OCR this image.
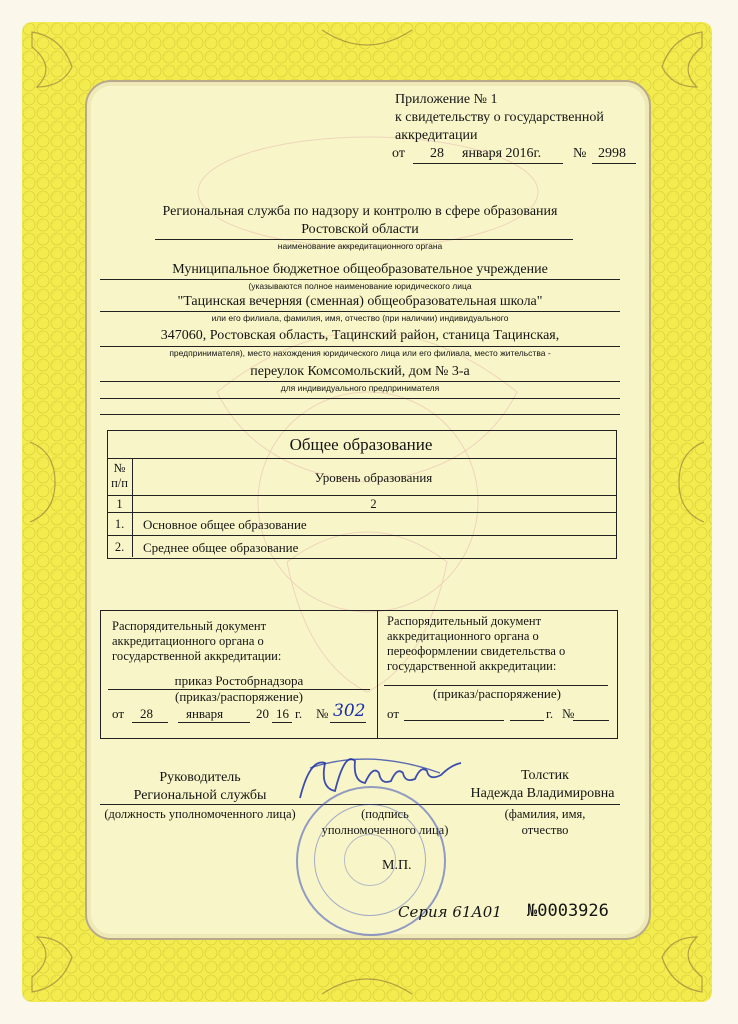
Приложение № 1
к свидетельству о государственной
аккредитации
от 28 января 2016г. № 2998
Региональная служба по надзору и контролю в сфере образования
Ростовской области
наименование аккредитационного органа
Муниципальное бюджетное общеобразовательное учреждение
(указываются полное наименование юридического лица
"Тацинская вечерняя (сменная) общеобразовательная школа"
или его филиала, фамилия, имя, отчество (при наличии) индивидуального
347060, Ростовская область, Тацинский район, станица Тацинская,
предпринимателя), место нахождения юридического лица или его филиала, место жительства -
переулок Комсомольский, дом № 3-а
для индивидуального предпринимателя
Общее образование
№
п/п	Уровень образования
1	2
1.	Основное общее образование
2.	Среднее общее образование
Распорядительный документ
аккредитационного органа о
государственной аккредитации:
приказ Ростобрнадзора
(приказ/распоряжение)
от 28	января	20 16 г. № 302
Распорядительный документ
аккредитационного органа о
переоформлении свидетельства о
государственной аккредитации:
(приказ/распоряжение)
от	г. №
Руководитель
Региональной службы
(должность уполномоченного лица)	(подпись
уполномоченного лица)
Толстик
Надежда Владимировна
(фамилия, имя,
отчество
М.П.
Серия 61А01 №0003926
